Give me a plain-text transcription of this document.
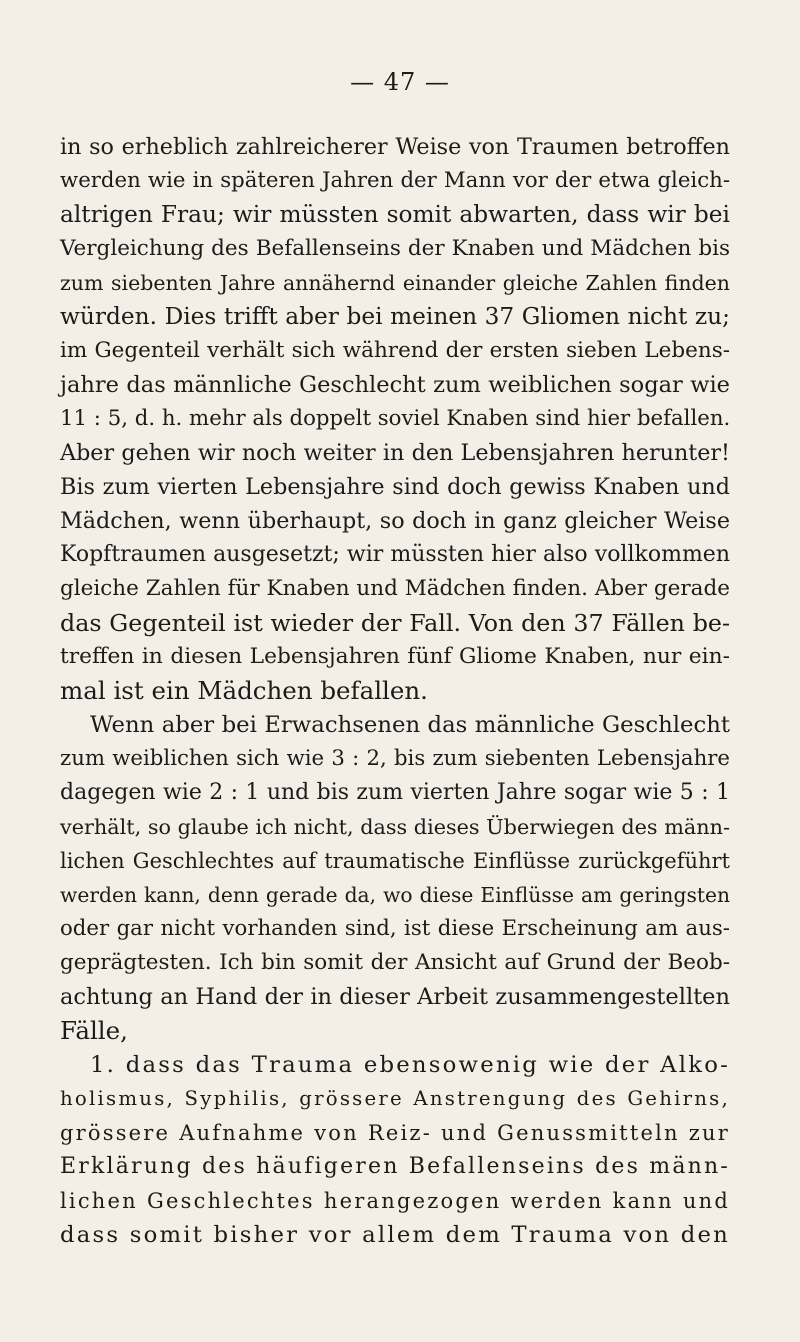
— 47 —
in so erheblich zahlreicherer Weise von Traumen betroffen
werden wie in späteren Jahren der Mann vor der etwa gleich-
altrigen Frau; wir müssten somit abwarten, dass wir bei
Vergleichung des Befallenseins der Knaben und Mädchen bis
zum siebenten Jahre annähernd einander gleiche Zahlen finden
würden. Dies trifft aber bei meinen 37 Gliomen nicht zu;
im Gegenteil verhält sich während der ersten sieben Lebens-
jahre das männliche Geschlecht zum weiblichen sogar wie
11 : 5, d. h. mehr als doppelt soviel Knaben sind hier befallen.
Aber gehen wir noch weiter in den Lebensjahren herunter!
Bis zum vierten Lebensjahre sind doch gewiss Knaben und
Mädchen, wenn überhaupt, so doch in ganz gleicher Weise
Kopftraumen ausgesetzt; wir müssten hier also vollkommen
gleiche Zahlen für Knaben und Mädchen finden. Aber gerade
das Gegenteil ist wieder der Fall. Von den 37 Fällen be-
treffen in diesen Lebensjahren fünf Gliome Knaben, nur ein-
mal ist ein Mädchen befallen.
Wenn aber bei Erwachsenen das männliche Geschlecht
zum weiblichen sich wie 3 : 2, bis zum siebenten Lebensjahre
dagegen wie 2 : 1 und bis zum vierten Jahre sogar wie 5 : 1
verhält, so glaube ich nicht, dass dieses Überwiegen des männ-
lichen Geschlechtes auf traumatische Einflüsse zurückgeführt
werden kann, denn gerade da, wo diese Einflüsse am geringsten
oder gar nicht vorhanden sind, ist diese Erscheinung am aus-
geprägtesten. Ich bin somit der Ansicht auf Grund der Beob-
achtung an Hand der in dieser Arbeit zusammengestellten
Fälle,
1. dass das Trauma ebensowenig wie der Alko-
holismus, Syphilis, grössere Anstrengung des Gehirns,
grössere Aufnahme von Reiz- und Genussmitteln zur
Erklärung des häufigeren Befallenseins des männ-
lichen Geschlechtes herangezogen werden kann und
dass somit bisher vor allem dem Trauma von den
